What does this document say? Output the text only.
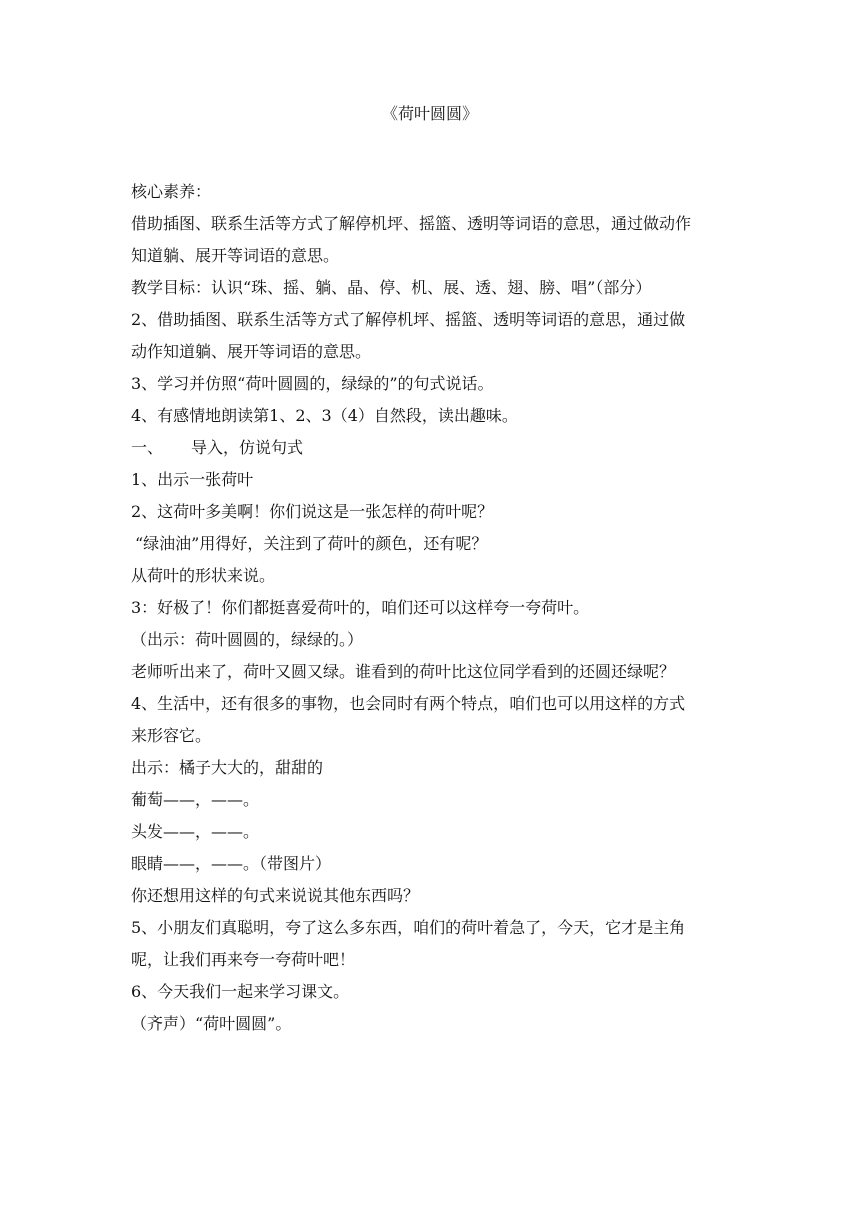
《荷叶圆圆》
核心素养：
借助插图、联系生活等方式了解停机坪、摇篮、透明等词语的意思，通过做动作
知道躺、展开等词语的意思。
教学目标：认识“珠、摇、躺、晶、停、机、展、透、翅、膀、唱”（部分）
2、借助插图、联系生活等方式了解停机坪、摇篮、透明等词语的意思，通过做
动作知道躺、展开等词语的意思。
3、学习并仿照“荷叶圆圆的，绿绿的”的句式说话。
4、有感情地朗读第1、2、3（4）自然段，读出趣味。
一、 导入，仿说句式
1、出示一张荷叶
2、这荷叶多美啊！你们说这是一张怎样的荷叶呢？
“绿油油”用得好，关注到了荷叶的颜色，还有呢？
从荷叶的形状来说。
3：好极了！你们都挺喜爱荷叶的，咱们还可以这样夸一夸荷叶。
（出示：荷叶圆圆的，绿绿的。）
老师听出来了，荷叶又圆又绿。谁看到的荷叶比这位同学看到的还圆还绿呢？
4、生活中，还有很多的事物，也会同时有两个特点，咱们也可以用这样的方式
来形容它。
出示：橘子大大的，甜甜的
葡萄——，——。
头发——，——。
眼睛——，——。（带图片）
你还想用这样的句式来说说其他东西吗？
5、小朋友们真聪明，夸了这么多东西，咱们的荷叶着急了，今天，它才是主角
呢，让我们再来夸一夸荷叶吧！
6、今天我们一起来学习课文。
（齐声）“荷叶圆圆”。
